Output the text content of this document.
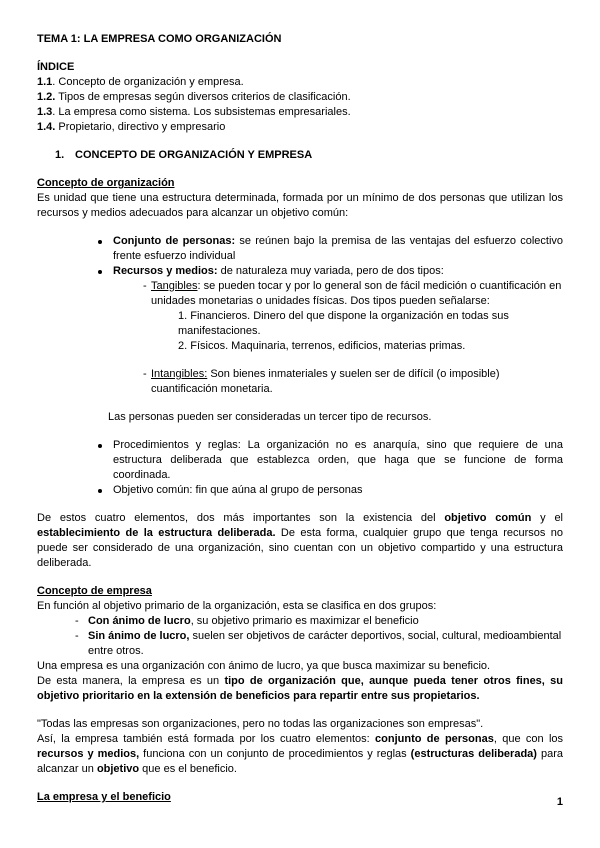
TEMA 1: LA EMPRESA COMO ORGANIZACIÓN
ÍNDICE
1.1. Concepto de organización y empresa.
1.2. Tipos de empresas según diversos criterios de clasificación.
1.3. La empresa como sistema. Los subsistemas empresariales.
1.4. Propietario, directivo y empresario
1. CONCEPTO DE ORGANIZACIÓN Y EMPRESA
Concepto de organización
Es unidad que tiene una estructura determinada, formada por un mínimo de dos personas que utilizan los recursos y medios adecuados para alcanzar un objetivo común:
Conjunto de personas: se reúnen bajo la premisa de las ventajas del esfuerzo colectivo frente esfuerzo individual
Recursos y medios: de naturaleza muy variada, pero de dos tipos:
- Tangibles: se pueden tocar y por lo general son de fácil medición o cuantificación en unidades monetarias o unidades físicas. Dos tipos pueden señalarse:
1. Financieros. Dinero del que dispone la organización en todas sus manifestaciones.
2. Físicos. Maquinaria, terrenos, edificios, materias primas.
- Intangibles: Son bienes inmateriales y suelen ser de difícil (o imposible) cuantificación monetaria.
Las personas pueden ser consideradas un tercer tipo de recursos.
Procedimientos y reglas: La organización no es anarquía, sino que requiere de una estructura deliberada que establezca orden, que haga que se funcione de forma coordinada.
Objetivo común: fin que aúna al grupo de personas
De estos cuatro elementos, dos más importantes son la existencia del objetivo común y el establecimiento de la estructura deliberada. De esta forma, cualquier grupo que tenga recursos no puede ser considerado de una organización, sino cuentan con un objetivo compartido y una estructura deliberada.
Concepto de empresa
En función al objetivo primario de la organización, esta se clasifica en dos grupos:
- Con ánimo de lucro, su objetivo primario es maximizar el beneficio
- Sin ánimo de lucro, suelen ser objetivos de carácter deportivos, social, cultural, medioambiental entre otros.
Una empresa es una organización con ánimo de lucro, ya que busca maximizar su beneficio.
De esta manera, la empresa es un tipo de organización que, aunque pueda tener otros fines, su objetivo prioritario en la extensión de beneficios para repartir entre sus propietarios.
"Todas las empresas son organizaciones, pero no todas las organizaciones son empresas".
Así, la empresa también está formada por los cuatro elementos: conjunto de personas, que con los recursos y medios, funciona con un conjunto de procedimientos y reglas (estructuras deliberada) para alcanzar un objetivo que es el beneficio.
La empresa y el beneficio	1
